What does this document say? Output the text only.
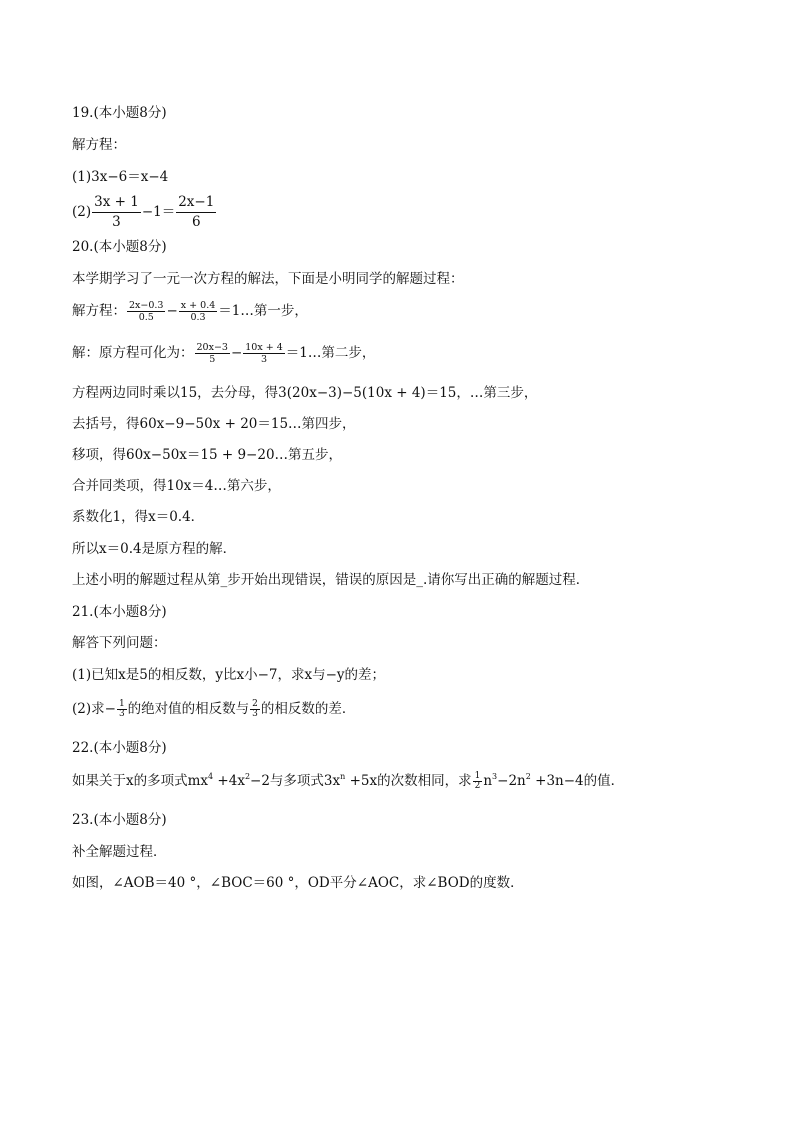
19.(本小题8分)
解方程：
(1)3x−6＝x−4
$(2) \frac{3x + 1}{3} -1= \frac{2x-1}{6}$
20.(本小题8分)
本学期学习了一元一次方程的解法，下面是小明同学的解题过程：
解方程： $\frac{2x-0.3}{0.5} - \frac{x + 0.4}{0.3}$ ＝1…第一步，
解：原方程可化为： $\frac{20x-3}{5} - \frac{10x + 4}{3}$ ＝1…第二步，
方程两边同时乘以15，去分母，得3(20x−3)−5(10x + 4)＝15，…第三步，
去括号，得60x−9−50x + 20＝15…第四步，
移项，得60x−50x＝15 + 9−20…第五步，
合并同类项，得10x＝4…第六步，
系数化1，得x＝0.4．
所以x＝0.4是原方程的解．
上述小明的解题过程从第_步开始出现错误，错误的原因是_.请你写出正确的解题过程．
21.(本小题8分)
解答下列问题：
(1)已知x是5的相反数，y比x小−7，求x与−y的差；
(2)求− $\frac{1}{3}$ 的绝对值的相反数与 $\frac{2}{3}$ 的相反数的差．
22.(本小题8分)
如果关于x的多项式$mx^4 +4x^2-2$与多项式$3x^n +5x$的次数相同，求 $\frac{1}{2} n^3-2n^2 +3n-4$的值．
23.(本小题8分)
补全解题过程．
如图，∠AOB＝40 °，∠BOC＝60 °，OD平分∠AOC，求∠BOD的度数．
